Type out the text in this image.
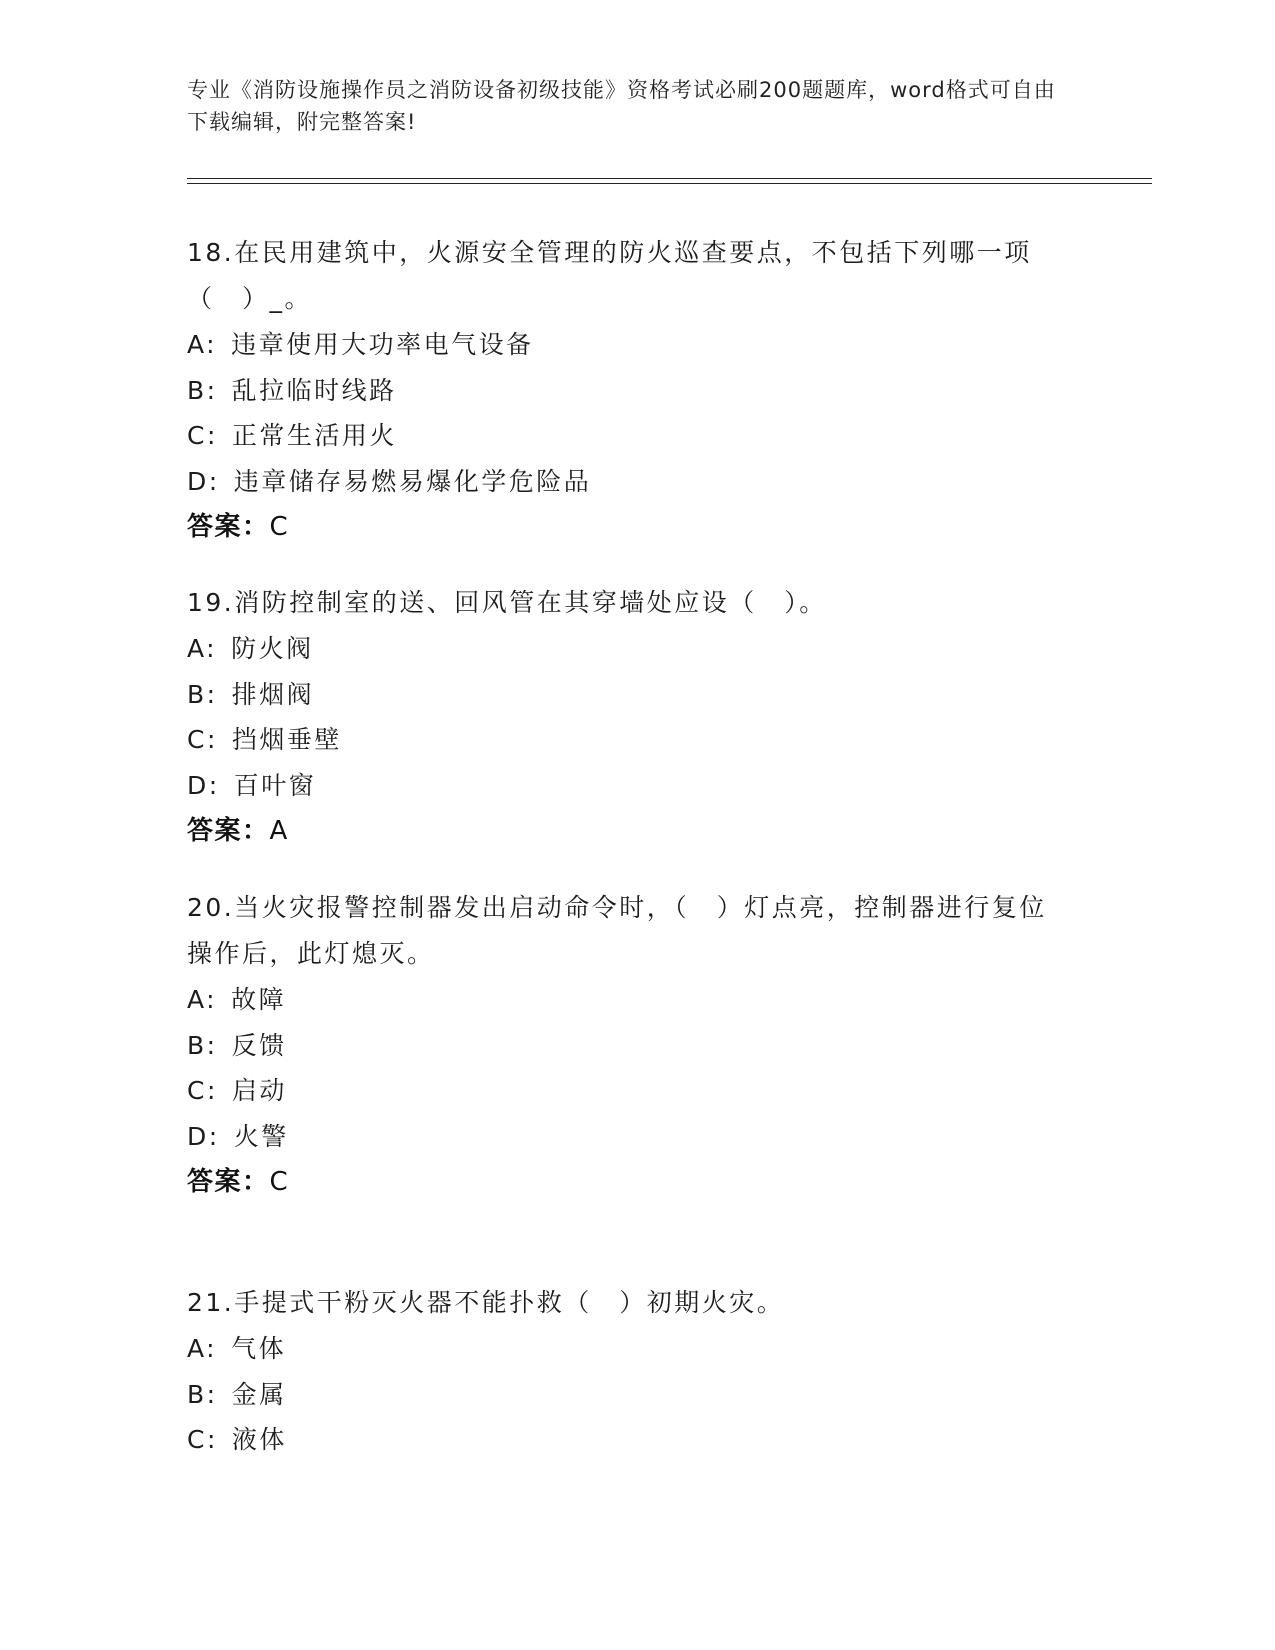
专业《消防设施操作员之消防设备初级技能》资格考试必刷200题题库，word格式可自由下载编辑，附完整答案!
18.在民用建筑中，火源安全管理的防火巡查要点，不包括下列哪一项（　）_。
A: 违章使用大功率电气设备
B: 乱拉临时线路
C: 正常生活用火
D: 违章储存易燃易爆化学危险品
答案：C
19.消防控制室的送、回风管在其穿墙处应设（　）。
A: 防火阀
B: 排烟阀
C: 挡烟垂壁
D: 百叶窗
答案：A
20.当火灾报警控制器发出启动命令时，（　）灯点亮，控制器进行复位操作后，此灯熄灭。
A: 故障
B: 反馈
C: 启动
D: 火警
答案：C
21.手提式干粉灭火器不能扑救（　）初期火灾。
A: 气体
B: 金属
C: 液体
